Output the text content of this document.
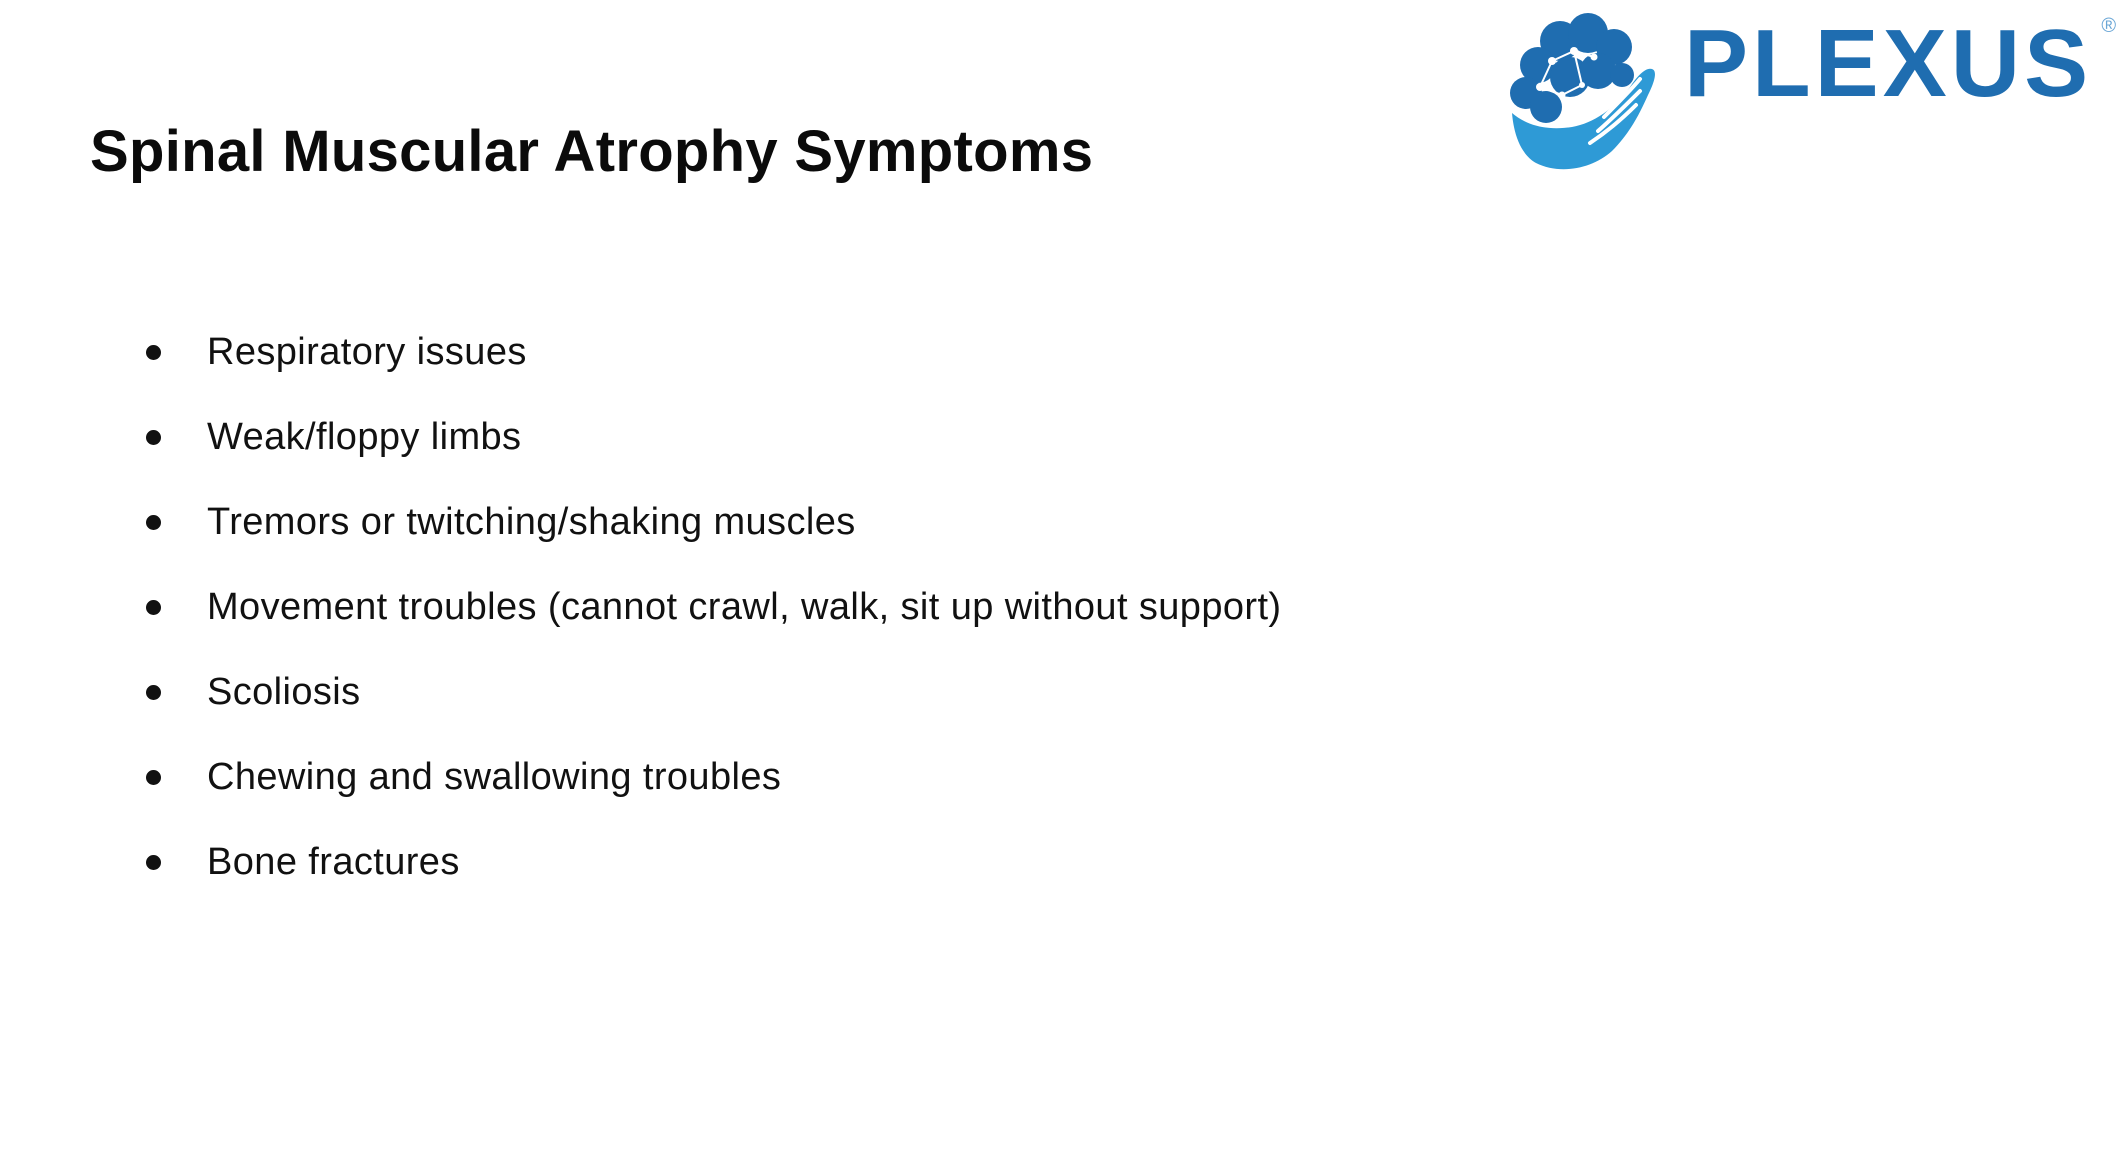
Spinal Muscular Atrophy Symptoms
Respiratory issues
Weak/floppy limbs
Tremors or twitching/shaking muscles
Movement troubles (cannot crawl, walk, sit up without support)
Scoliosis
Chewing and swallowing troubles
Bone fractures
PLEXUS ®
